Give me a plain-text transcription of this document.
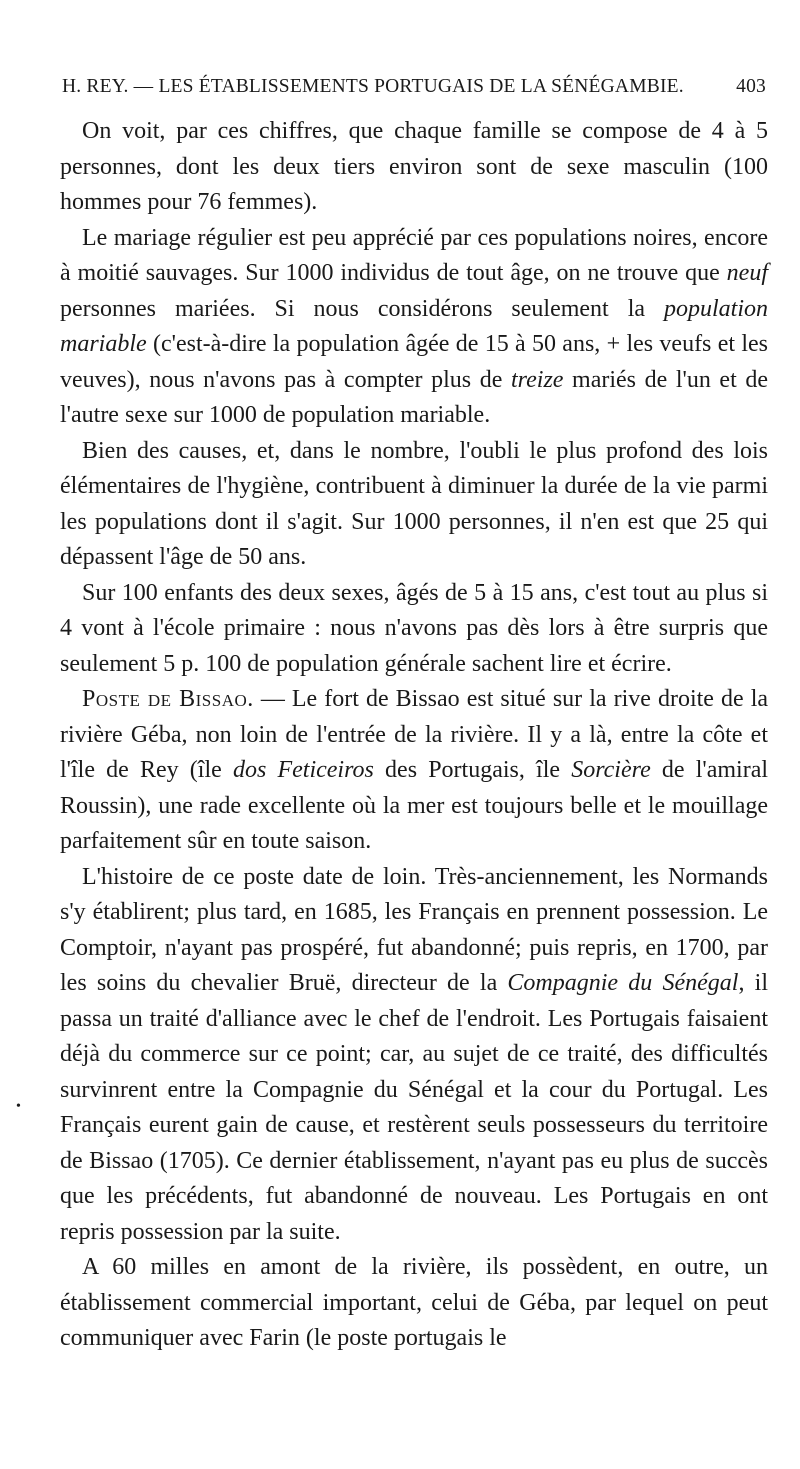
H. REY. — LES ÉTABLISSEMENTS PORTUGAIS DE LA SÉNÉGAMBIE.	403

On voit, par ces chiffres, que chaque famille se compose de 4 à 5 personnes, dont les deux tiers environ sont de sexe masculin (100 hommes pour 76 femmes).

Le mariage régulier est peu apprécié par ces populations noires, encore à moitié sauvages. Sur 1000 individus de tout âge, on ne trouve que neuf personnes mariées. Si nous considérons seulement la population mariable (c'est-à-dire la population âgée de 15 à 50 ans, + les veufs et les veuves), nous n'avons pas à compter plus de treize mariés de l'un et de l'autre sexe sur 1000 de population mariable.

Bien des causes, et, dans le nombre, l'oubli le plus profond des lois élémentaires de l'hygiène, contribuent à diminuer la durée de la vie parmi les populations dont il s'agit. Sur 1000 personnes, il n'en est que 25 qui dépassent l'âge de 50 ans.

Sur 100 enfants des deux sexes, âgés de 5 à 15 ans, c'est tout au plus si 4 vont à l'école primaire : nous n'avons pas dès lors à être surpris que seulement 5 p. 100 de population générale sachent lire et écrire.

Poste de Bissao. — Le fort de Bissao est situé sur la rive droite de la rivière Géba, non loin de l'entrée de la rivière. Il y a là, entre la côte et l'île de Rey (île dos Feticeiros des Portugais, île Sorcière de l'amiral Roussin), une rade excellente où la mer est toujours belle et le mouillage parfaitement sûr en toute saison.

L'histoire de ce poste date de loin. Très-anciennement, les Normands s'y établirent; plus tard, en 1685, les Français en prennent possession. Le Comptoir, n'ayant pas prospéré, fut abandonné; puis repris, en 1700, par les soins du chevalier Bruë, directeur de la Compagnie du Sénégal, il passa un traité d'alliance avec le chef de l'endroit. Les Portugais faisaient déjà du commerce sur ce point; car, au sujet de ce traité, des difficultés survinrent entre la Compagnie du Sénégal et la cour du Portugal. Les Français eurent gain de cause, et restèrent seuls possesseurs du territoire de Bissao (1705). Ce dernier établissement, n'ayant pas eu plus de succès que les précédents, fut abandonné de nouveau. Les Portugais en ont repris possession par la suite.

A 60 milles en amont de la rivière, ils possèdent, en outre, un établissement commercial important, celui de Géba, par lequel on peut communiquer avec Farin (le poste portugais le

•
